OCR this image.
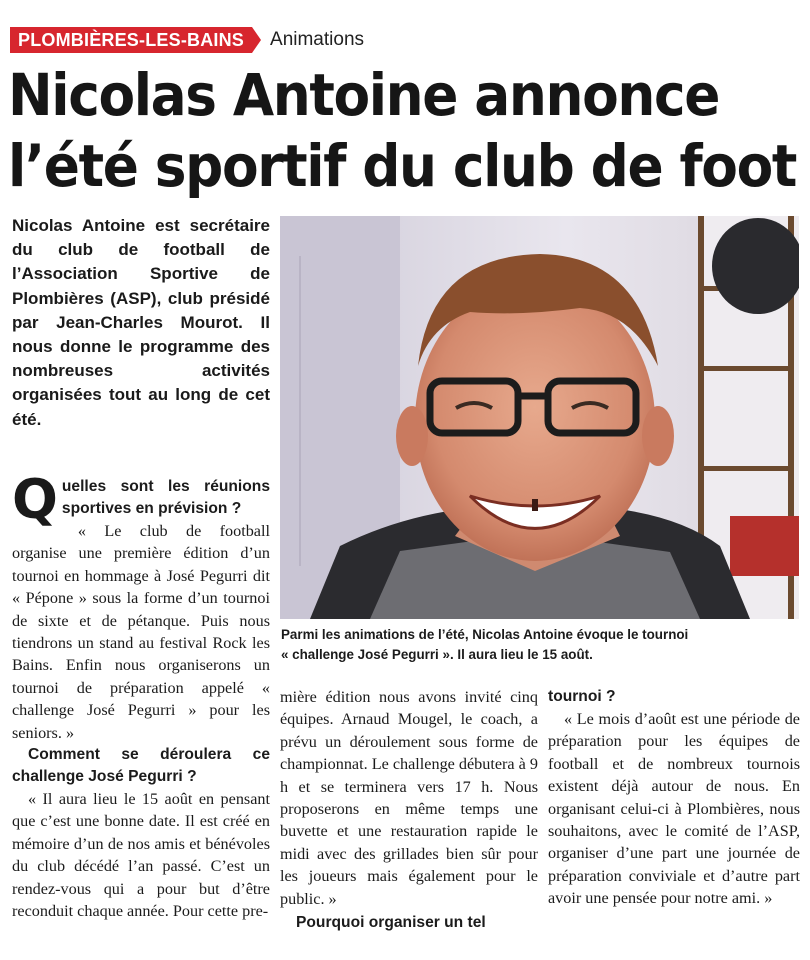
PLOMBIÈRES-LES-BAINS	Animations
Nicolas Antoine annonce
l’été sportif du club de foot

Nicolas Antoine est secrétaire du club de football de l’Association Sportive de Plombières (ASP), club présidé par Jean-Charles Mourot. Il nous donne le programme des nombreuses activités organisées tout au long de cet été.

Parmi les animations de l’été, Nicolas Antoine évoque le tournoi
« challenge José Pegurri ». Il aura lieu le 15 août.

Quelles sont les réunions sportives en prévision ?

« Le club de football organise une première édition d’un tournoi en hommage à José Pegurri dit « Pépone » sous la forme d’un tournoi de sixte et de pétanque. Puis nous tiendrons un stand au festival Rock les Bains. Enfin nous organiserons un tournoi de préparation appelé « challenge José Pegurri » pour les seniors. »

Comment se déroulera ce challenge José Pegurri ?

« Il aura lieu le 15 août en pensant que c’est une bonne date. Il est créé en mémoire d’un de nos amis et bénévoles du club décédé l’an passé. C’est un rendez-vous qui a pour but d’être reconduit chaque année. Pour cette pre-

mière édition nous avons invité cinq équipes. Arnaud Mougel, le coach, a prévu un déroulement sous forme de championnat. Le challenge débutera à 9 h et se terminera vers 17 h. Nous proposerons en même temps une buvette et une restauration rapide le midi avec des grillades bien sûr pour les joueurs mais également pour le public. »

Pourquoi organiser un tel

tournoi ?

« Le mois d’août est une période de préparation pour les équipes de football et de nombreux tournois existent déjà autour de nous. En organisant celui-ci à Plombières, nous souhaitons, avec le comité de l’ASP, organiser d’une part une journée de préparation conviviale et d’autre part avoir une pensée pour notre ami. »
